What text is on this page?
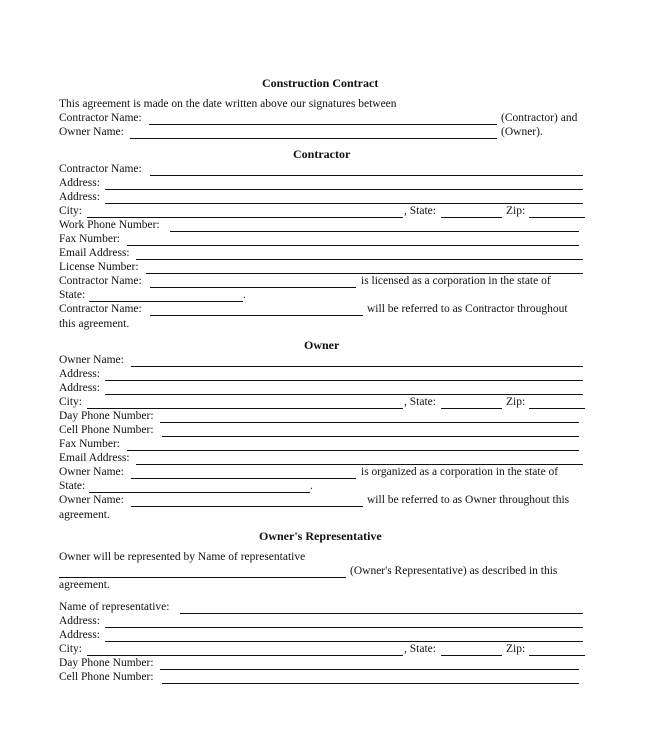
Construction Contract
This agreement is made on the date written above our signatures between
Contractor Name:	(Contractor) and
Owner Name:	(Owner).
Contractor
Contractor Name:
Address:
Address:
City:	, State:	Zip:
Work Phone Number:
Fax Number:
Email Address:
License Number:
Contractor Name:	is licensed as a corporation in the state of
State:	.
Contractor Name:	will be referred to as Contractor throughout
this agreement.
Owner
Owner Name:
Address:
Address:
City:	, State:	Zip:
Day Phone Number:
Cell Phone Number:
Fax Number:
Email Address:
Owner Name:	is organized as a corporation in the state of
State:	.
Owner Name:	will be referred to as Owner throughout this
agreement.
Owner's Representative
Owner will be represented by Name of representative
(Owner's Representative) as described in this
agreement.
Name of representative:
Address:
Address:
City:	, State:	Zip:
Day Phone Number:
Cell Phone Number:
